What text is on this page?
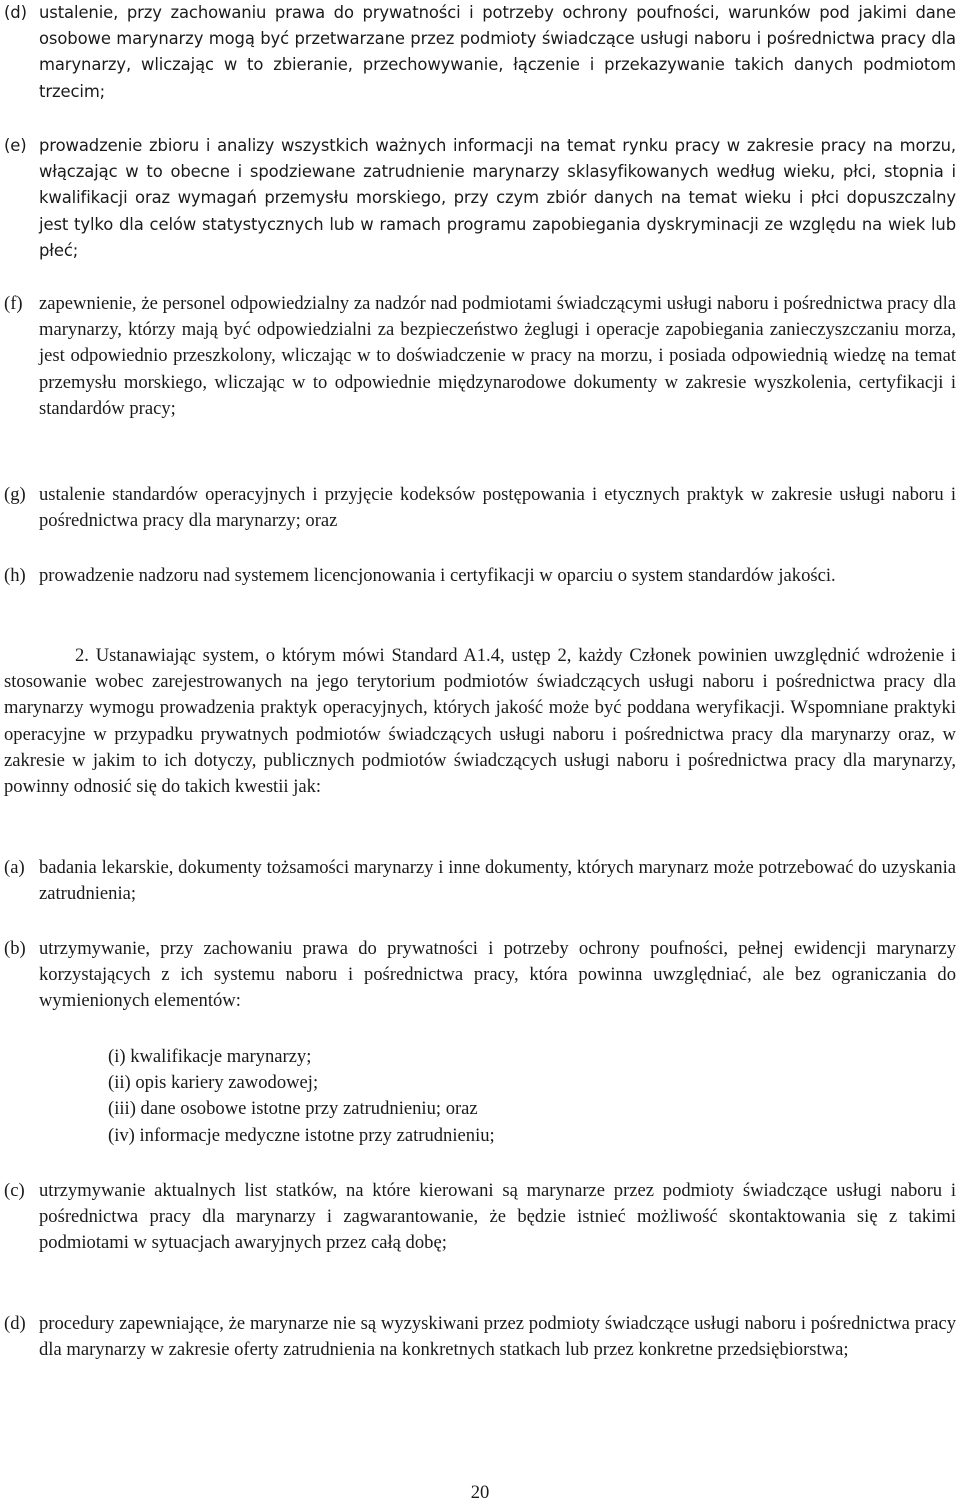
(d) ustalenie, przy zachowaniu prawa do prywatności i potrzeby ochrony poufności, warunków pod jakimi dane osobowe marynarzy mogą być przetwarzane przez podmioty świadczące usługi naboru i pośrednictwa pracy dla marynarzy, wliczając w to zbieranie, przechowywanie, łączenie i przekazywanie takich danych podmiotom trzecim;
(e) prowadzenie zbioru i analizy wszystkich ważnych informacji na temat rynku pracy w zakresie pracy na morzu, włączając w to obecne i spodziewane zatrudnienie marynarzy sklasyfikowanych według wieku, płci, stopnia i kwalifikacji oraz wymagań przemysłu morskiego, przy czym zbiór danych na temat wieku i płci dopuszczalny jest tylko dla celów statystycznych lub w ramach programu zapobiegania dyskryminacji ze względu na wiek lub płeć;
(f) zapewnienie, że personel odpowiedzialny za nadzór nad podmiotami świadczącymi usługi naboru i pośrednictwa pracy dla marynarzy, którzy mają być odpowiedzialni za bezpieczeństwo żeglugi i operacje zapobiegania zanieczyszczaniu morza, jest odpowiednio przeszkolony, wliczając w to doświadczenie w pracy na morzu, i posiada odpowiednią wiedzę na temat przemysłu morskiego, wliczając w to odpowiednie międzynarodowe dokumenty w zakresie wyszkolenia, certyfikacji i standardów pracy;
(g) ustalenie standardów operacyjnych i przyjęcie kodeksów postępowania i etycznych praktyk w zakresie usługi naboru i pośrednictwa pracy dla marynarzy; oraz
(h) prowadzenie nadzoru nad systemem licencjonowania i certyfikacji w oparciu o system standardów jakości.
2. Ustanawiając system, o którym mówi Standard A1.4, ustęp 2, każdy Członek powinien uwzględnić wdrożenie i stosowanie wobec zarejestrowanych na jego terytorium podmiotów świadczących usługi naboru i pośrednictwa pracy dla marynarzy wymogu prowadzenia praktyk operacyjnych, których jakość może być poddana weryfikacji. Wspomniane praktyki operacyjne w przypadku prywatnych podmiotów świadczących usługi naboru i pośrednictwa pracy dla marynarzy oraz, w zakresie w jakim to ich dotyczy, publicznych podmiotów świadczących usługi naboru i pośrednictwa pracy dla marynarzy, powinny odnosić się do takich kwestii jak:
(a) badania lekarskie, dokumenty tożsamości marynarzy i inne dokumenty, których marynarz może potrzebować do uzyskania zatrudnienia;
(b) utrzymywanie, przy zachowaniu prawa do prywatności i potrzeby ochrony poufności, pełnej ewidencji marynarzy korzystających z ich systemu naboru i pośrednictwa pracy, która powinna uwzględniać, ale bez ograniczania do wymienionych elementów:
(i) kwalifikacje marynarzy;
(ii) opis kariery zawodowej;
(iii) dane osobowe istotne przy zatrudnieniu; oraz
(iv) informacje medyczne istotne przy zatrudnieniu;
(c) utrzymywanie aktualnych list statków, na które kierowani są marynarze przez podmioty świadczące usługi naboru i pośrednictwa pracy dla marynarzy i zagwarantowanie, że będzie istnieć możliwość skontaktowania się z takimi podmiotami w sytuacjach awaryjnych przez całą dobę;
(d) procedury zapewniające, że marynarze nie są wyzyskiwani przez podmioty świadczące usługi naboru i pośrednictwa pracy dla marynarzy w zakresie oferty zatrudnienia na konkretnych statkach lub przez konkretne przedsiębiorstwa;
20
